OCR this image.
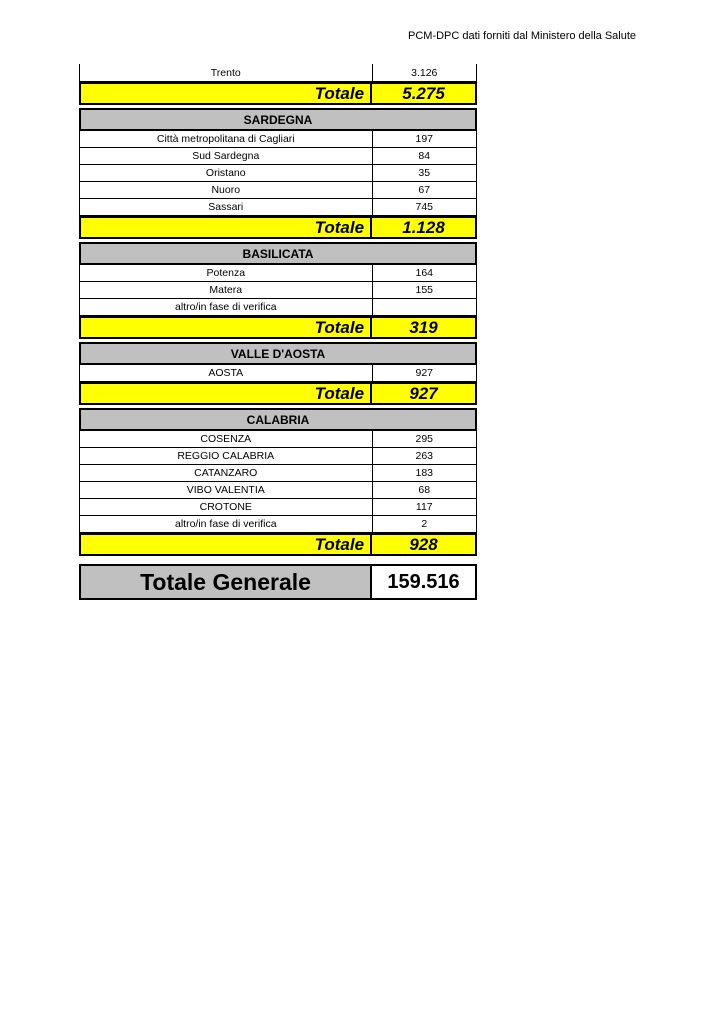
PCM-DPC dati forniti dal Ministero della Salute
Trento	3.126
Totale	5.275
SARDEGNA
Città metropolitana di Cagliari	197
Sud Sardegna	84
Oristano	35
Nuoro	67
Sassari	745
Totale	1.128
BASILICATA
Potenza	164
Matera	155
altro/in fase di verifica
Totale	319
VALLE D'AOSTA
AOSTA	927
Totale	927
CALABRIA
COSENZA	295
REGGIO CALABRIA	263
CATANZARO	183
VIBO VALENTIA	68
CROTONE	117
altro/in fase di verifica	2
Totale	928
Totale Generale	159.516
